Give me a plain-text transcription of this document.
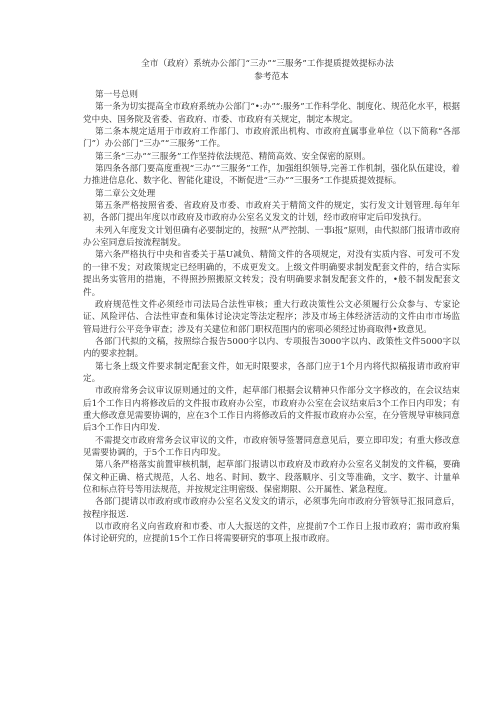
全市（政府）系统办公部门“三办”“三服务”工作提质提效提标办法
参考范本

第一号总则

第一条为切实提高全市政府系统办公部门“•:办”“:服务”工作科学化、制度化、规范化水平，根据党中央、国务院及省委、省政府、市委、市政府有关规定，制定本规定。

第二条本规定适用于市政府工作部门、市政府派出机构、市政府直属事业单位（以下简称“各部门”）办公部门“三办”“三服务”工作。

第三条“三办”“三服务”工作坚持依法规范、精简高效、安全保密的原则。

第四条各部门要高度重视“三办”“三服务”工作，加强组织领导,完善工作机制，强化队伍建设，着力推进信息化、数字化、智能化建设，不断促进“三办”“三服务”工作提质提效提标。

第二章公文处理

第五条严格按照省委、省政府及市委、市政府关于精简文件的规定，实行发文计划管理.每年年初，各部门提出年度以市政府及市政府办公室名义发文的计划，经市政府审定后印发执行。

未列入年度发文计划但确有必要制定的，按照“从严控制、一事i报”原则，由代拟部门报请市政府办公室同意后按流程制发。

第六条严格执行中央和省委关于基U减负、精简文件的各项规定，对没有实质内容、可发可不发的一律不发；对政策规定已经明确的，不成更发文。上级文件明确要求制发配套文件的，结合实际提出务实管用的措施，不得照抄照搬原文转发；没有明确要求制发配套文件的，•般不制发配套文件。

政府规范性文件必须经市司法局合法性审核；重大行政决策性公文必须履行公众参与、专家论证、风险评估、合法性审查和集体讨论决定等法定程序；涉及市场主体经济活动的文件由市市场监管局进行公平竞争审查；涉及有关建位和部门职权范围内的密项必须经过协商取得•致意见。

各部门代拟的文稿，按照综合报告5000字以内、专项报告3000字以内、政策性文件5000字以内的要求控制。

第七条上级文件要求制定配套文件，如无时限要求，各部门应于1个月内将代拟稿报请市政府审定。

市政府常务会议审议原则通过的文件，起草部门根据会议精神只作部分文字修改的，在会议结束后1个工作日内将修改后的文件报市政府办公室，市政府办公室在会议结束后3个工作日内印发；有重大修改意见需要协调的，应在3个工作日内将修改后的文件报市政府办公室，在分管规导审核同意后3个工作日内印发.

不需提交市政府常务会议审议的文件，市政府领导签署同意意见后，要立即印发；有重大修改意见需要协调的，于5个工作日内印发。

第八条严格落实前置审核机制，起草部门报请以市政府及市政府办公室名义制发的文件稿，要确保文种正确、格式规范，人名、地名、时间、数字、段落顺序、引文等准确，文字、数字、计量单位和标点符号等用法规范，并按规定注明密级、保密期限、公开属性、紧急程度。

各部门提请以市政府或市政府办公室名义发文的请示，必须事先向市政府分管领导汇报同意后，按程序报送.

以市政府名义向省政府和市委、市人大报送的文件，应提前7个工作日上报市政府；需市政府集体讨论研究的，应提前15个工作日将需要研究的事项上报市政府。
